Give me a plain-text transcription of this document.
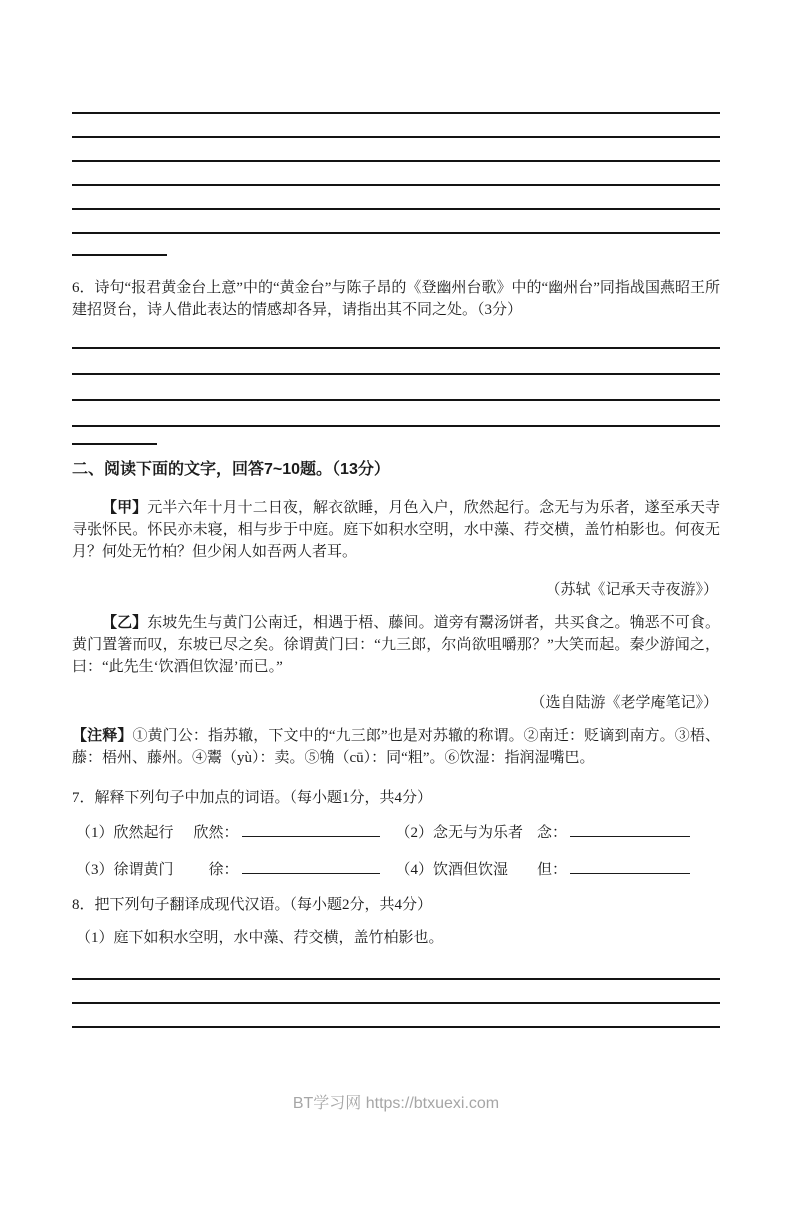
6．诗句“报君黄金台上意”中的“黄金台”与陈子昂的《登幽州台歌》中的“幽州台”同指战国燕昭王所建招贤台，诗人借此表达的情感却各异，请指出其不同之处。（3分）

二、阅读下面的文字，回答7~10题。（13分）

【甲】元半六年十月十二日夜，解衣欲睡，月色入户，欣然起行。念无与为乐者，遂至承天寺寻张怀民。怀民亦未寝，相与步于中庭。庭下如积水空明，水中藻、荇交横，盖竹柏影也。何夜无月？何处无竹柏？但少闲人如吾两人者耳。

（苏轼《记承天寺夜游》）

【乙】东坡先生与黄门公南迁，相遇于梧、藤间。道旁有鬻汤饼者，共买食之。觕恶不可食。黄门置箸而叹，东坡已尽之矣。徐谓黄门曰：“九三郎，尔尚欲咀嚼那？”大笑而起。秦少游闻之，曰：“此先生‘饮酒但饮湿’而已。”

（选自陆游《老学庵笔记》）

【注释】①黄门公：指苏辙，下文中的“九三郎”也是对苏辙的称谓。②南迁：贬谪到南方。③梧、藤：梧州、藤州。④鬻（yù）：卖。⑤觕（cū）：同“粗”。⑥饮湿：指润湿嘴巴。

7．解释下列句子中加点的词语。（每小题1分，共4分）

（1）欣然起行 欣然：	（2）念无与为乐者 念：
（3）徐谓黄门 徐：	（4）饮酒但饮湿 但：

8．把下列句子翻译成现代汉语。（每小题2分，共4分）

（1）庭下如积水空明，水中藻、荇交横，盖竹柏影也。

BT学习网 https://btxuexi.com
